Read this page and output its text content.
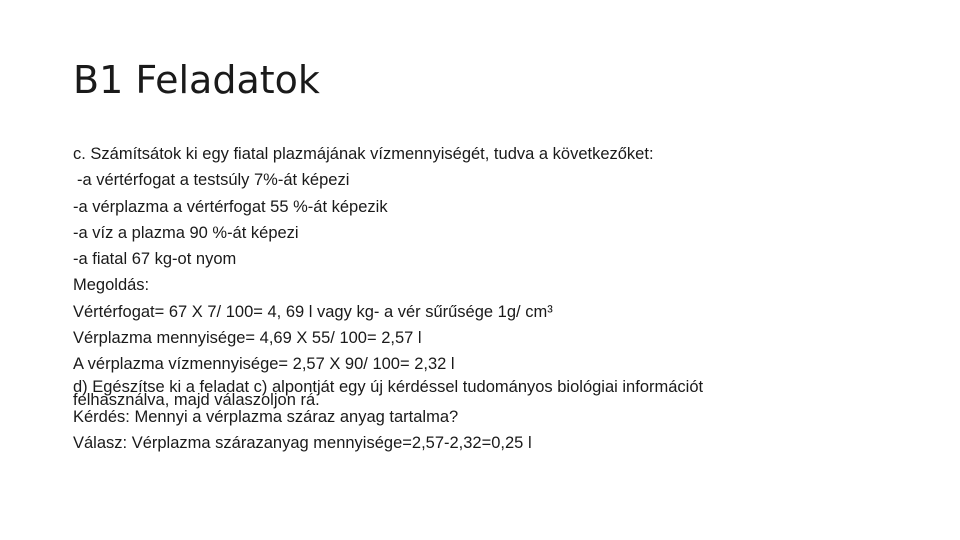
B1 Feladatok

c. Számítsátok ki egy fiatal plazmájának vízmennyiségét, tudva a következőket:

-a vértérfogat a testsúly 7%-át képezi

-a vérplazma a vértérfogat 55 %-át képezik

-a víz a plazma 90 %-át képezi

-a fiatal 67 kg-ot nyom

Megoldás:

Vértérfogat= 67 X 7/ 100= 4, 69 l vagy kg- a vér sűrűsége 1g/ cm³

Vérplazma mennyisége= 4,69 X 55/ 100= 2,57 l

A vérplazma vízmennyisége= 2,57 X 90/ 100= 2,32 l

d) Egészítse ki a feladat c) alpontját egy új kérdéssel tudományos biológiai információt
felhasználva, majd válaszoljon rá.

Kérdés: Mennyi a vérplazma száraz anyag tartalma?

Válasz: Vérplazma szárazanyag mennyisége=2,57-2,32=0,25 l
